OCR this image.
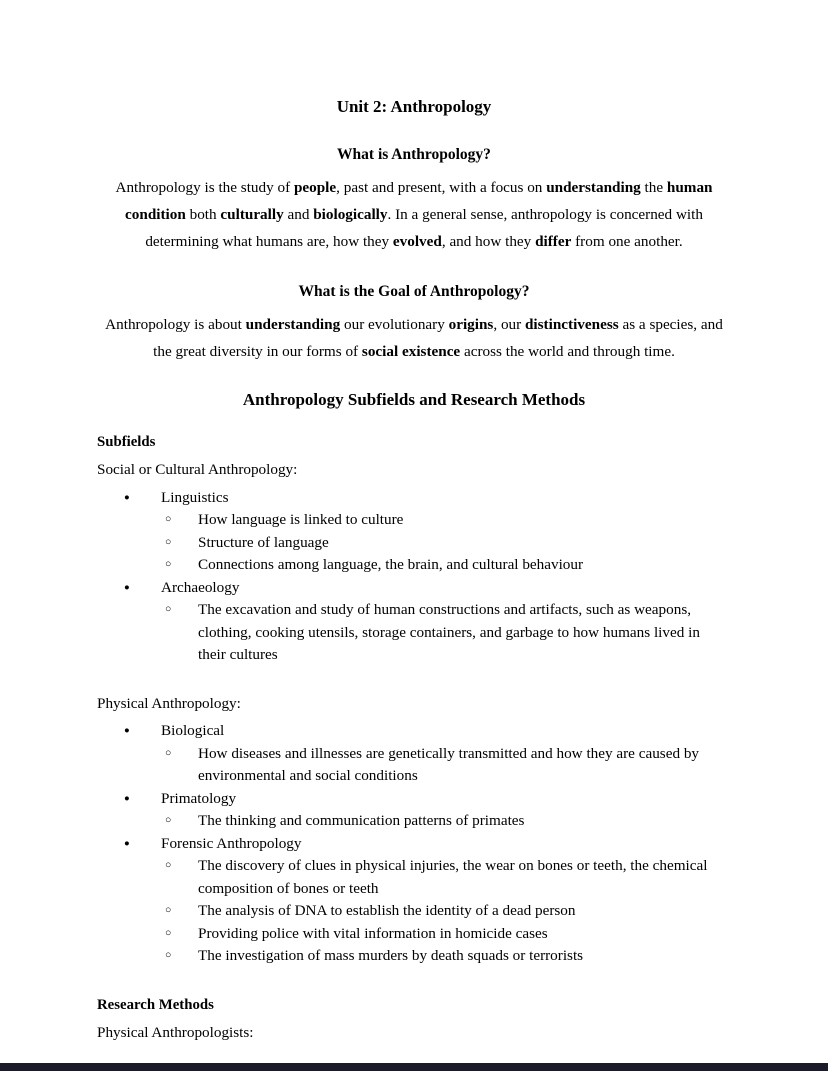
Unit 2: Anthropology
What is Anthropology?

Anthropology is the study of people, past and present, with a focus on understanding the human condition both culturally and biologically. In a general sense, anthropology is concerned with determining what humans are, how they evolved, and how they differ from one another.

What is the Goal of Anthropology?

Anthropology is about understanding our evolutionary origins, our distinctiveness as a species, and the great diversity in our forms of social existence across the world and through time.

Anthropology Subfields and Research Methods
Subfields

Social or Cultural Anthropology:

● Linguistics
○ How language is linked to culture
○ Structure of language
○ Connections among language, the brain, and cultural behaviour
● Archaeology
○ The excavation and study of human constructions and artifacts, such as weapons, clothing, cooking utensils, storage containers, and garbage to how humans lived in their cultures

Physical Anthropology:

● Biological
○ How diseases and illnesses are genetically transmitted and how they are caused by environmental and social conditions
● Primatology
○ The thinking and communication patterns of primates
● Forensic Anthropology
○ The discovery of clues in physical injuries, the wear on bones or teeth, the chemical composition of bones or teeth
○ The analysis of DNA to establish the identity of a dead person
○ Providing police with vital information in homicide cases
○ The investigation of mass murders by death squads or terrorists
Research Methods

Physical Anthropologists:
